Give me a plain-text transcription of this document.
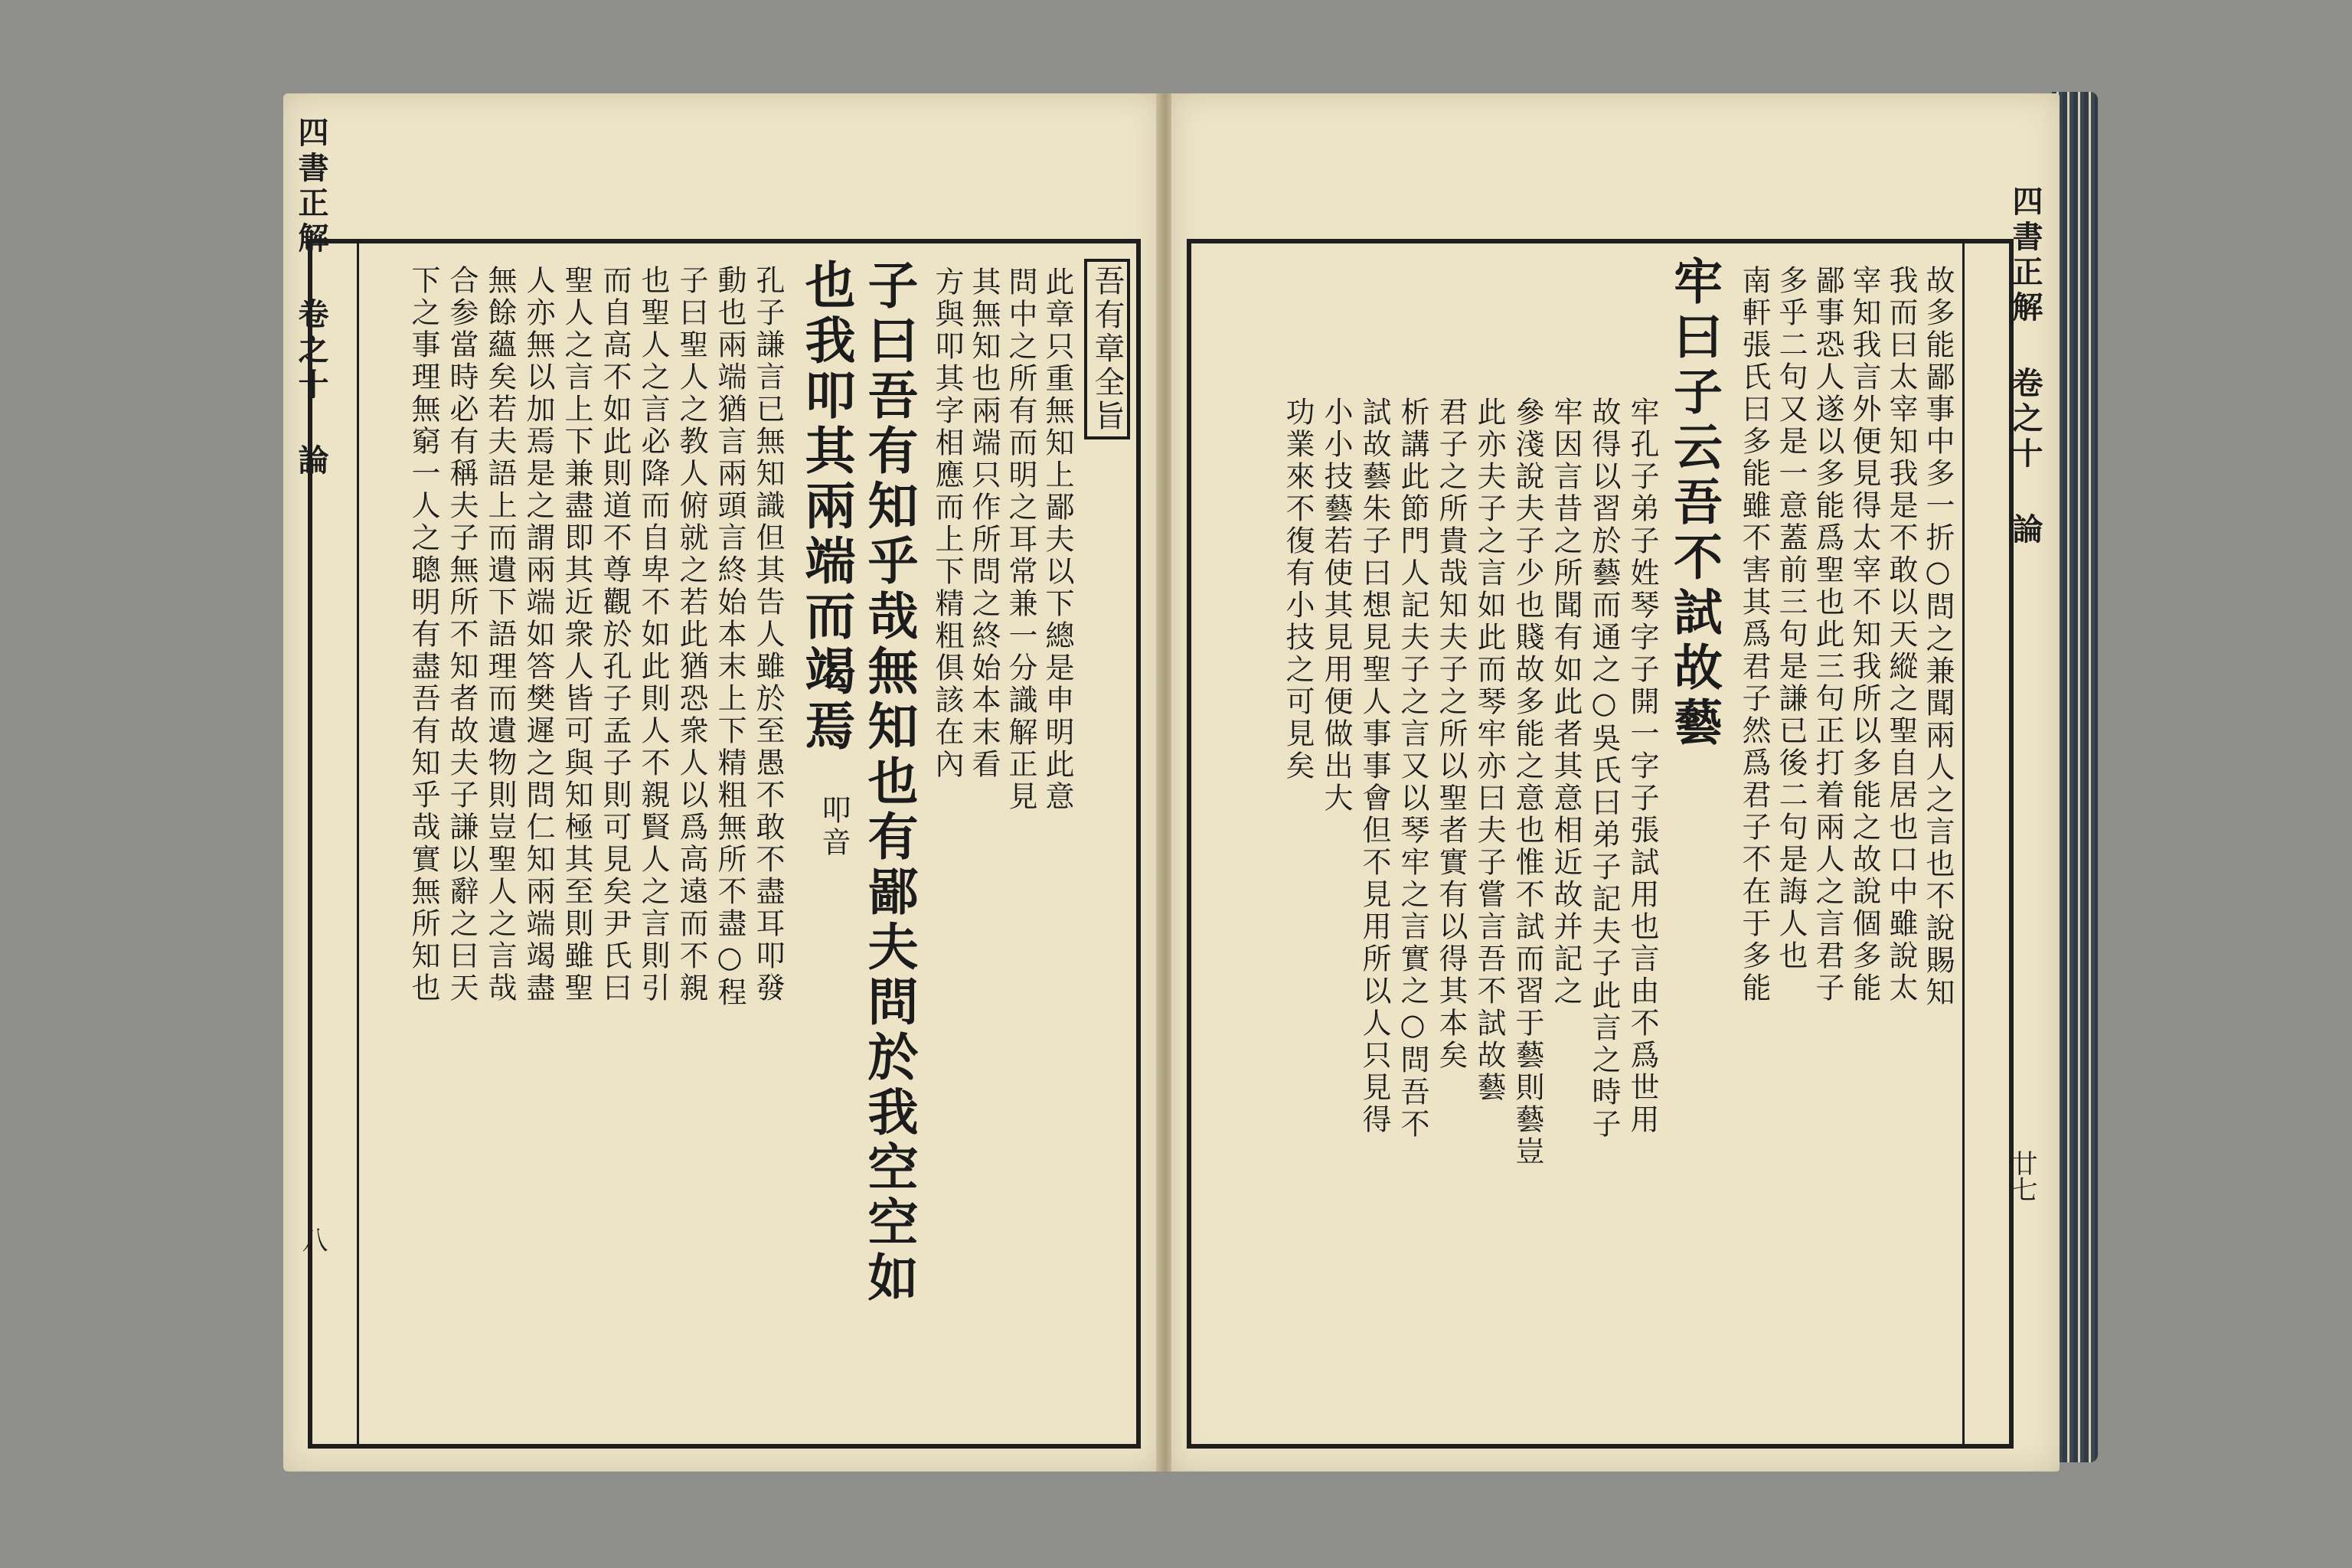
四書正解 卷之十 論
八
吾有章全旨
此章只重無知上鄙夫以下總是申明此意
問中之所有而明之耳常兼一分識解正見
其無知也兩端只作所問之終始本末看
方與叩其字相應而上下精粗俱該在內
子曰吾有知乎哉無知也有鄙夫問於我空空如
也我叩其兩端而竭焉
叩音
孔子謙言已無知識但其告人雖於至愚不敢不盡耳叩發
動也兩端猶言兩頭言終始本末上下精粗無所不盡○程
子曰聖人之教人俯就之若此猶恐衆人以爲高遠而不親
也聖人之言必降而自卑不如此則人不親賢人之言則引
而自高不如此則道不尊觀於孔子孟子則可見矣尹氏曰
聖人之言上下兼盡即其近衆人皆可與知極其至則雖聖
人亦無以加焉是之謂兩端如答樊遲之問仁知兩端竭盡
無餘蘊矣若夫語上而遺下語理而遺物則豈聖人之言哉
合参當時必有稱夫子無所不知者故夫子謙以辭之曰天
下之事理無窮一人之聰明有盡吾有知乎哉實無所知也	四書正解 卷之十 論
廿七
故多能鄙事中多一折○問之兼聞兩人之言也不說賜知
我而曰太宰知我是不敢以天縱之聖自居也口中雖說太
宰知我言外便見得太宰不知我所以多能之故說個多能
鄙事恐人遂以多能爲聖也此三句正打着兩人之言君子
多乎二句又是一意蓋前三句是謙已後二句是誨人也
南軒張氏曰多能雖不害其爲君子然爲君子不在于多能
牢曰子云吾不試故藝
牢孔子弟子姓琴字子開一字子張試用也言由不爲世用
故得以習於藝而通之○吳氏曰弟子記夫子此言之時子
牢因言昔之所聞有如此者其意相近故并記之
參淺說夫子少也賤故多能之意也惟不試而習于藝則藝豈
此亦夫子之言如此而琴牢亦曰夫子嘗言吾不試故藝
君子之所貴哉知夫子之所以聖者實有以得其本矣
析講此節門人記夫子之言又以琴牢之言實之○問吾不
試故藝朱子曰想見聖人事事會但不見用所以人只見得
小小技藝若使其見用便做出大
功業來不復有小技之可見矣
